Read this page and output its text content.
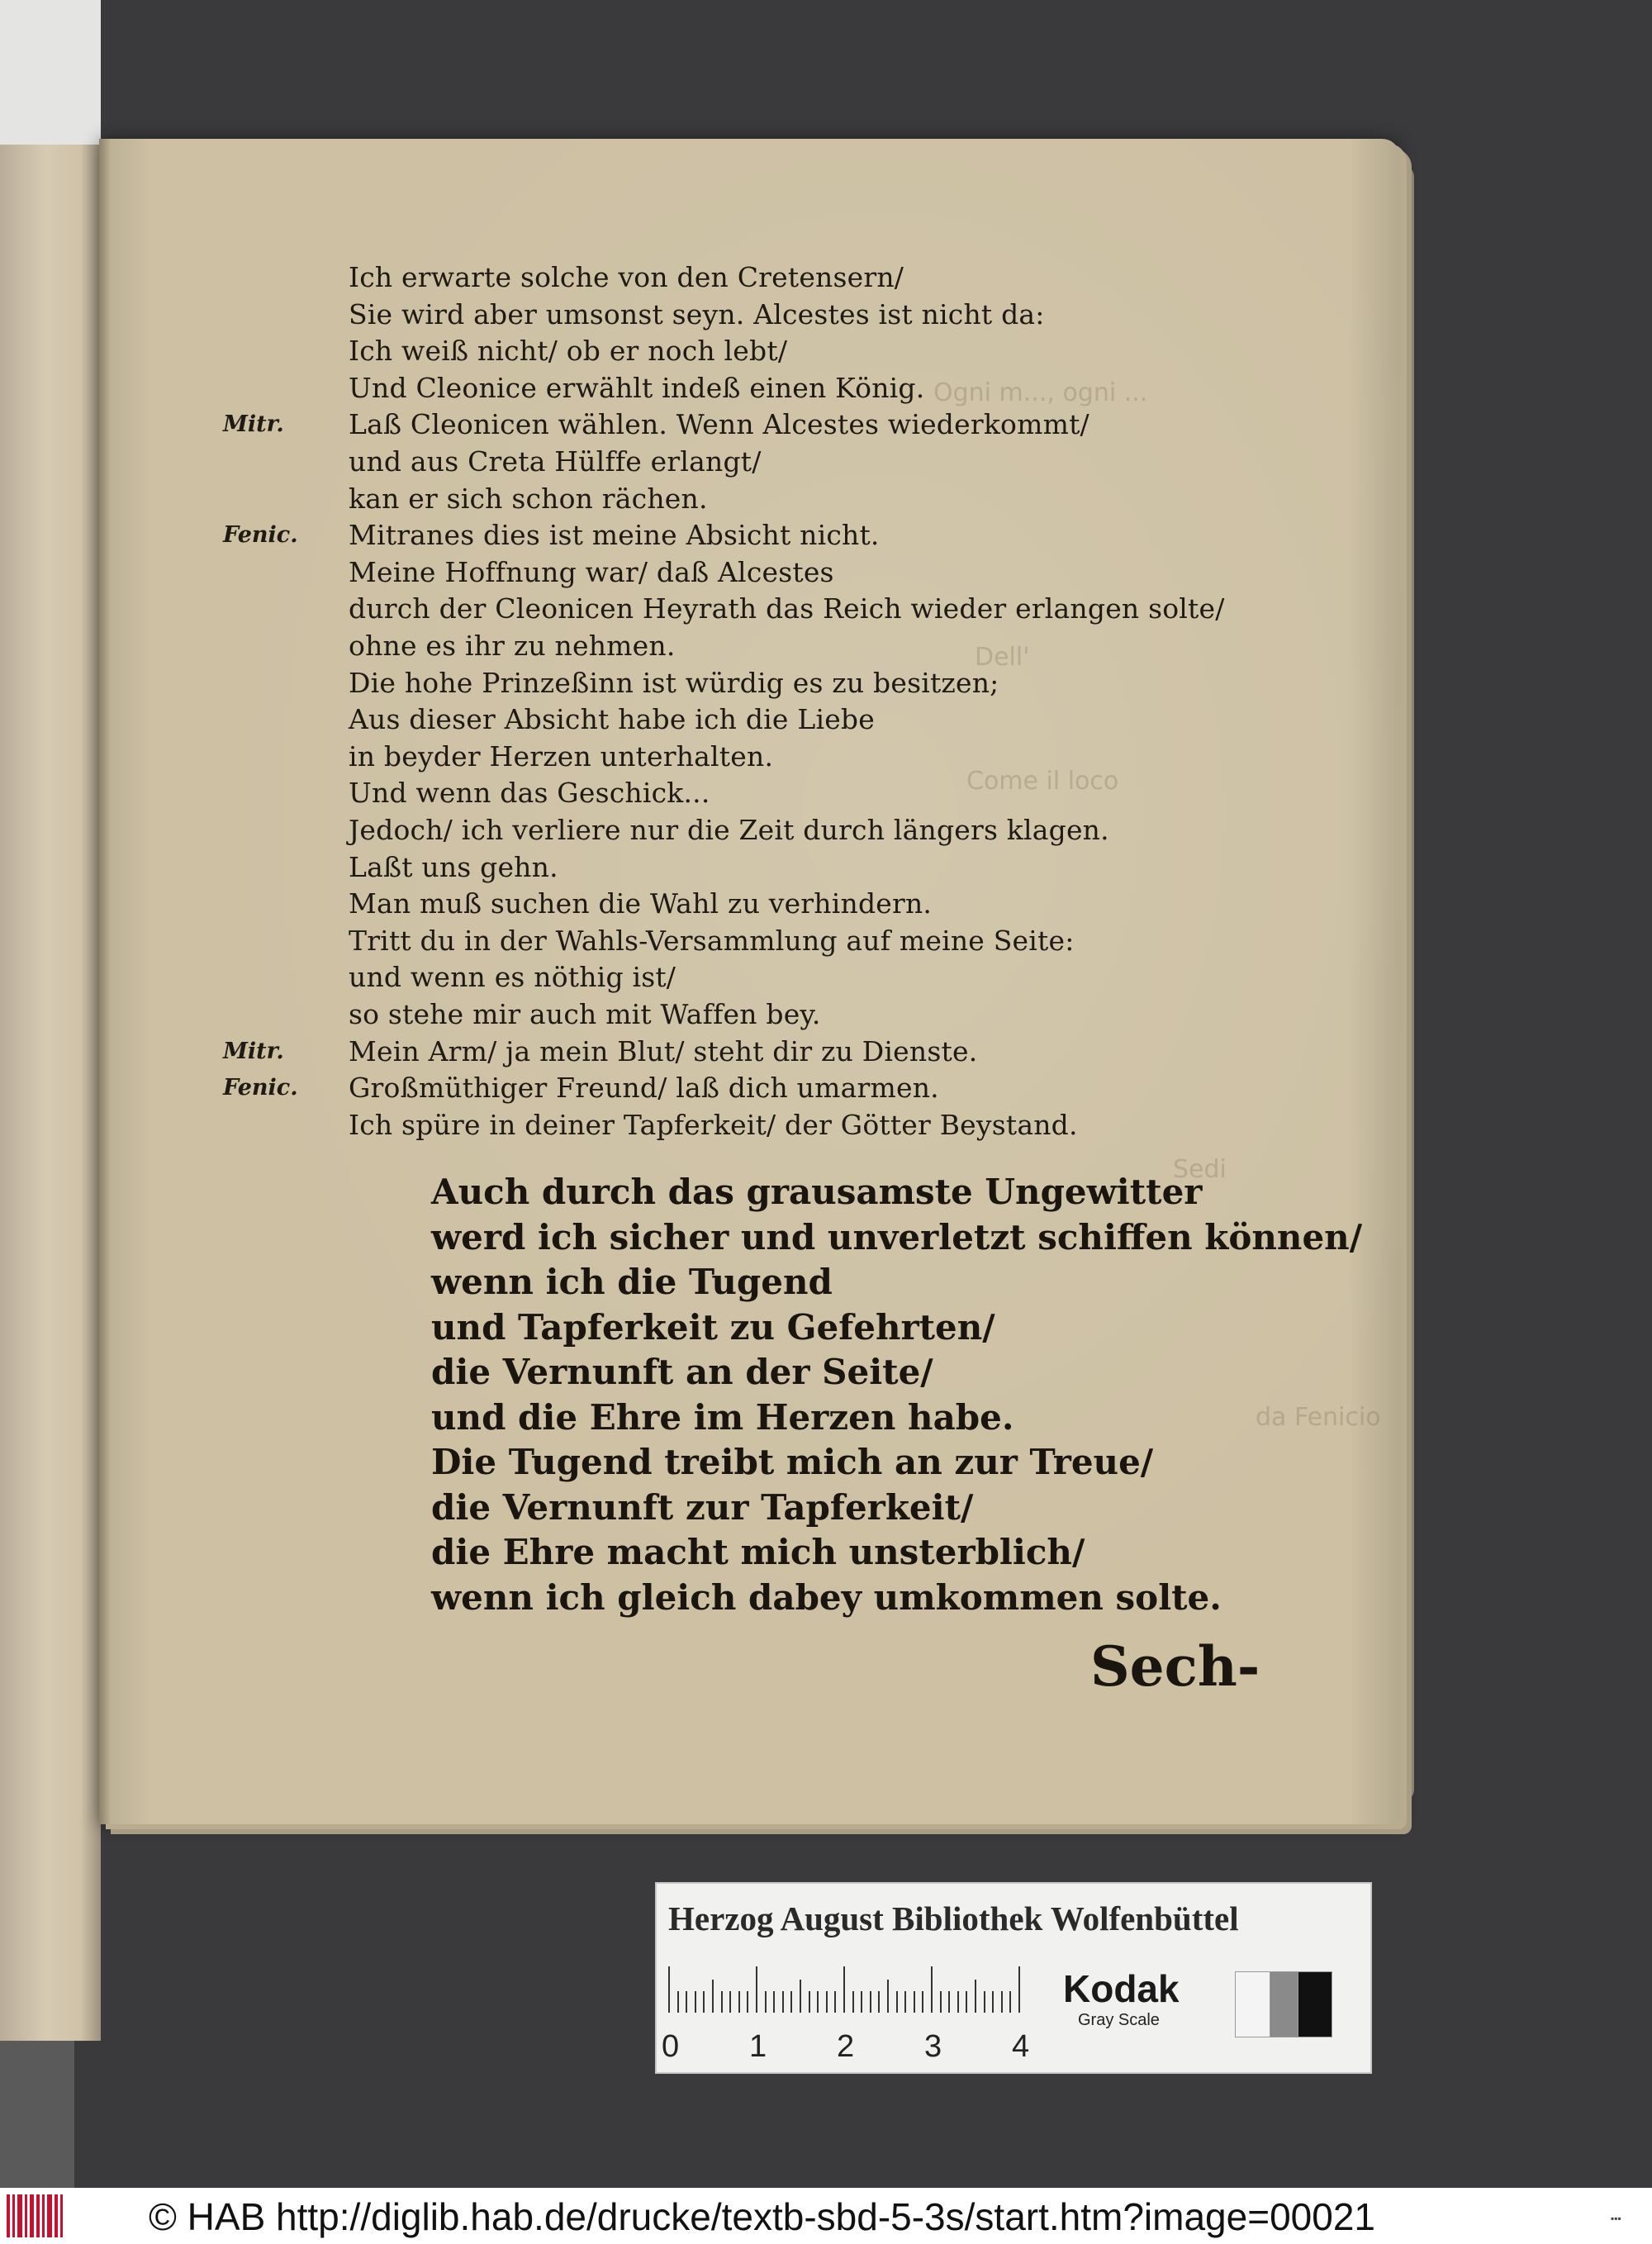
Ogni m..., ogni ...
Dell'
Come il loco
Sedi
da Fenicio
Ich erwarte solche von den Cretensern/
Sie wird aber umsonst seyn. Alcestes ist nicht da:
Ich weiß nicht/ ob er noch lebt/
Und Cleonice erwählt indeß einen König.
Mitr. Laß Cleonicen wählen. Wenn Alcestes wiederkommt/
und aus Creta Hülffe erlangt/
kan er sich schon rächen.
Fenic. Mitranes dies ist meine Absicht nicht.
Meine Hoffnung war/ daß Alcestes
durch der Cleonicen Heyrath das Reich wieder erlangen solte/
ohne es ihr zu nehmen.
Die hohe Prinzeßinn ist würdig es zu besitzen;
Aus dieser Absicht habe ich die Liebe
in beyder Herzen unterhalten.
Und wenn das Geschick...
Jedoch/ ich verliere nur die Zeit durch längers klagen.
Laßt uns gehn.
Man muß suchen die Wahl zu verhindern.
Tritt du in der Wahls-Versammlung auf meine Seite:
und wenn es nöthig ist/
so stehe mir auch mit Waffen bey.
Mitr. Mein Arm/ ja mein Blut/ steht dir zu Dienste.
Fenic. Großmüthiger Freund/ laß dich umarmen.
Ich spüre in deiner Tapferkeit/ der Götter Beystand.
Auch durch das grausamste Ungewitter
werd ich sicher und unverletzt schiffen können/
wenn ich die Tugend
und Tapferkeit zu Gefehrten/
die Vernunft an der Seite/
und die Ehre im Herzen habe.
Die Tugend treibt mich an zur Treue/
die Vernunft zur Tapferkeit/
die Ehre macht mich unsterblich/
wenn ich gleich dabey umkommen solte.
Sech-
Herzog August Bibliothek Wolfenbüttel
0 1 2 3 4
Kodak
Gray Scale
© HAB http://diglib.hab.de/drucke/textb-sbd-5-3s/start.htm?image=00021	▪▪▪
